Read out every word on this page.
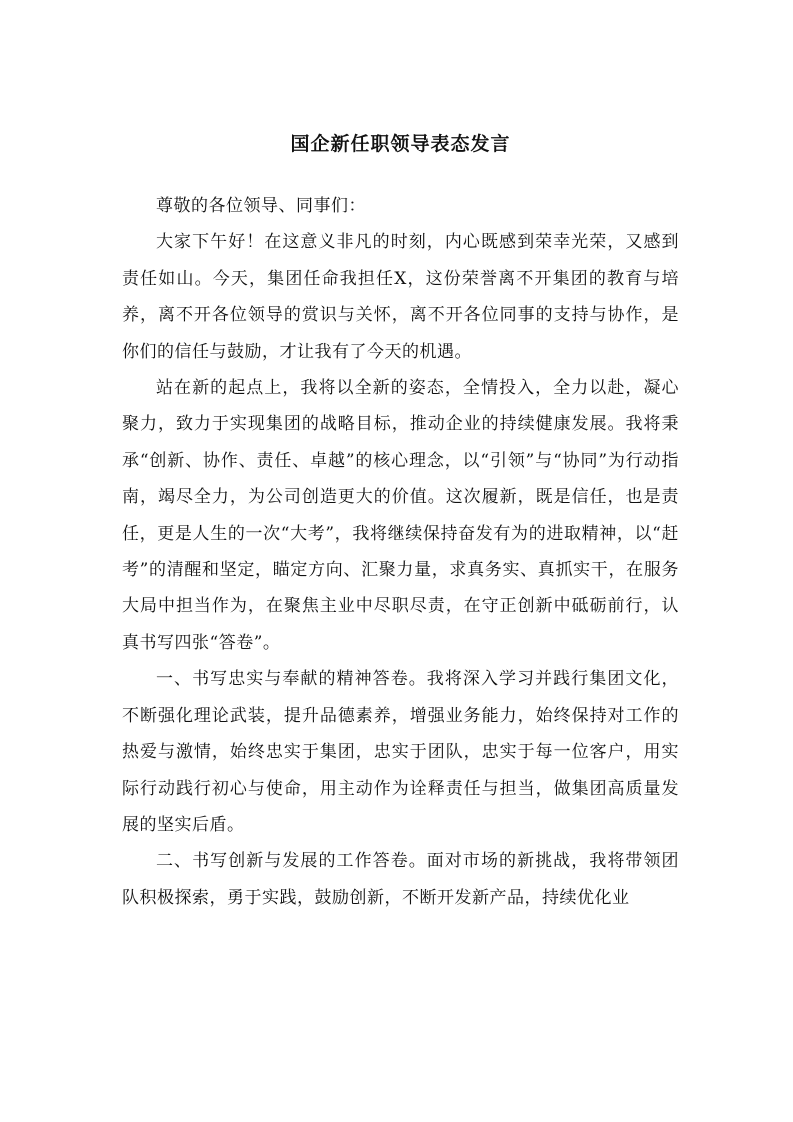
国企新任职领导表态发言

尊敬的各位领导、同事们：

大家下午好！在这意义非凡的时刻，内心既感到荣幸光荣，又感到责任如山。今天，集团任命我担任X，这份荣誉离不开集团的教育与培养，离不开各位领导的赏识与关怀，离不开各位同事的支持与协作，是你们的信任与鼓励，才让我有了今天的机遇。

站在新的起点上，我将以全新的姿态，全情投入，全力以赴，凝心聚力，致力于实现集团的战略目标，推动企业的持续健康发展。我将秉承“创新、协作、责任、卓越”的核心理念，以“引领”与“协同”为行动指南，竭尽全力，为公司创造更大的价值。这次履新，既是信任，也是责任，更是人生的一次“大考”，我将继续保持奋发有为的进取精神，以“赶考”的清醒和坚定，瞄定方向、汇聚力量，求真务实、真抓实干，在服务大局中担当作为，在聚焦主业中尽职尽责，在守正创新中砥砺前行，认真书写四张“答卷”。

一、书写忠实与奉献的精神答卷。我将深入学习并践行集团文化，不断强化理论武装，提升品德素养，增强业务能力，始终保持对工作的热爱与激情，始终忠实于集团，忠实于团队，忠实于每一位客户，用实际行动践行初心与使命，用主动作为诠释责任与担当，做集团高质量发展的坚实后盾。

二、书写创新与发展的工作答卷。面对市场的新挑战，我将带领团队积极探索，勇于实践，鼓励创新，不断开发新产品，持续优化业
